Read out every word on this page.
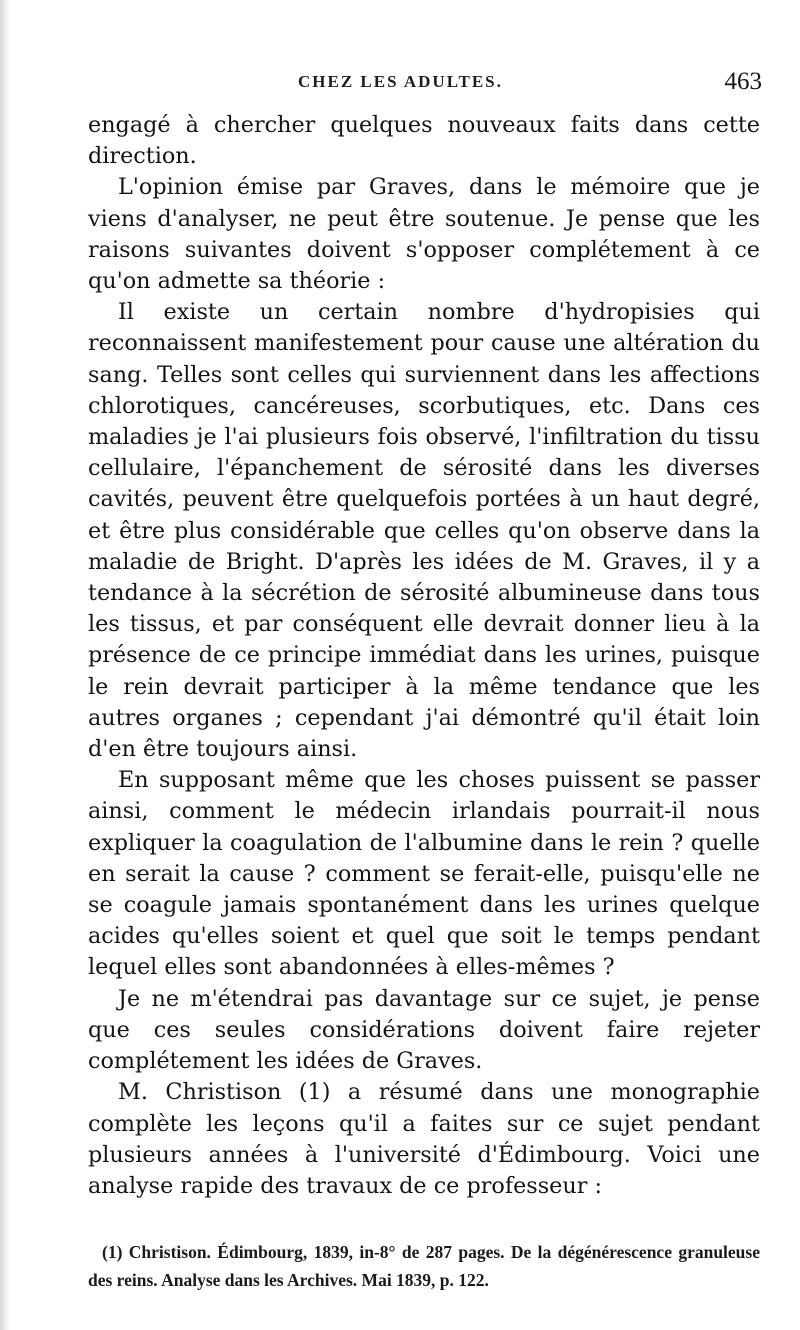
CHEZ LES ADULTES.	463

engagé à chercher quelques nouveaux faits dans cette direction.

L'opinion émise par Graves, dans le mémoire que je viens d'analyser, ne peut être soutenue. Je pense que les raisons suivantes doivent s'opposer complétement à ce qu'on admette sa théorie :

Il existe un certain nombre d'hydropisies qui reconnaissent manifestement pour cause une altération du sang. Telles sont celles qui surviennent dans les affections chlorotiques, cancéreuses, scorbutiques, etc. Dans ces maladies je l'ai plusieurs fois observé, l'infiltration du tissu cellulaire, l'épanchement de sérosité dans les diverses cavités, peuvent être quelquefois portées à un haut degré, et être plus considérable que celles qu'on observe dans la maladie de Bright. D'après les idées de M. Graves, il y a tendance à la sécrétion de sérosité albumineuse dans tous les tissus, et par conséquent elle devrait donner lieu à la présence de ce principe immédiat dans les urines, puisque le rein devrait participer à la même tendance que les autres organes ; cependant j'ai démontré qu'il était loin d'en être toujours ainsi.

En supposant même que les choses puissent se passer ainsi, comment le médecin irlandais pourrait-il nous expliquer la coagulation de l'albumine dans le rein ? quelle en serait la cause ? comment se ferait-elle, puisqu'elle ne se coagule jamais spontanément dans les urines quelque acides qu'elles soient et quel que soit le temps pendant lequel elles sont abandonnées à elles-mêmes ?

Je ne m'étendrai pas davantage sur ce sujet, je pense que ces seules considérations doivent faire rejeter complétement les idées de Graves.

M. Christison (1) a résumé dans une monographie complète les leçons qu'il a faites sur ce sujet pendant plusieurs années à l'université d'Édimbourg. Voici une analyse rapide des travaux de ce professeur :

(1) Christison. Édimbourg, 1839, in-8° de 287 pages. De la dégénérescence granuleuse des reins. Analyse dans les Archives. Mai 1839, p. 122.
